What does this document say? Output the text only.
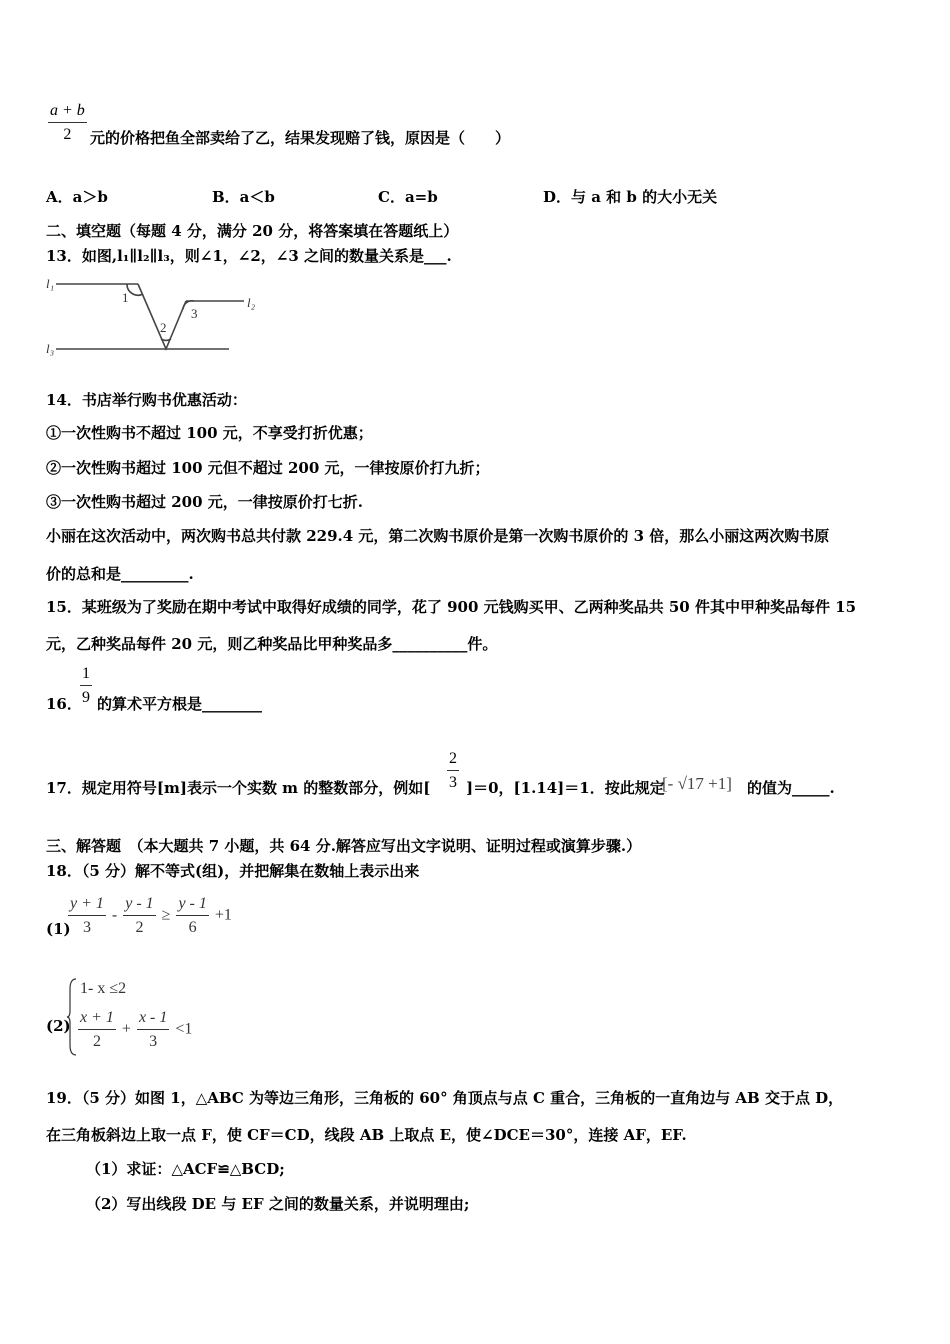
$\frac{a + b}{2}$ 元的价格把鱼全部卖给了乙，结果发现赔了钱，原因是（　　）
A．a＞b	B．a＜b	C．a=b	D．与 a 和 b 的大小无关
二、填空题（每题 4 分，满分 20 分，将答案填在答题纸上）
13．如图,l₁∥l₂∥l₃，则∠1，∠2，∠3 之间的数量关系是___.
l₁
l₂
l₃
1
2
3
14．书店举行购书优惠活动：
①一次性购书不超过 100 元，不享受打折优惠；
②一次性购书超过 100 元但不超过 200 元，一律按原价打九折；
③一次性购书超过 200 元，一律按原价打七折.
小丽在这次活动中，两次购书总共付款 229.4 元，第二次购书原价是第一次购书原价的 3 倍，那么小丽这两次购书原
价的总和是_________.
15．某班级为了奖励在期中考试中取得好成绩的同学，花了 900 元钱购买甲、乙两种奖品共 50 件其中甲种奖品每件 15
元，乙种奖品每件 20 元，则乙种奖品比甲种奖品多__________件。
16．
$\frac{1}{9}$ 的算术平方根是________
17．规定用符号[m]表示一个实数 m 的整数部分，例如[ $\frac{2}{3} ]=0$，[1.14]＝1．按此规定
[- √17 +1] 的值为_____.
三、解答题　（本大题共 7 小题，共 64 分.解答应写出文字说明、证明过程或演算步骤.）
18．（5 分）解不等式(组)，并把解集在数轴上表示出来
(1)
$\frac{y + 1}{3} - \frac{y - 1}{2} \ge \frac{y - 1}{6} +1$
(2)
1- x ≤2
$\frac{x + 1}{2} + \frac{x - 1}{3} <1$
19．（5 分）如图 1，△ABC 为等边三角形，三角板的 60° 角顶点与点 C 重合，三角板的一直角边与 AB 交于点 D，
在三角板斜边上取一点 F，使 CF＝CD，线段 AB 上取点 E，使∠DCE＝30°，连接 AF，EF.
（1）求证：△ACF≌△BCD;
（2）写出线段 DE 与 EF 之间的数量关系，并说明理由;
